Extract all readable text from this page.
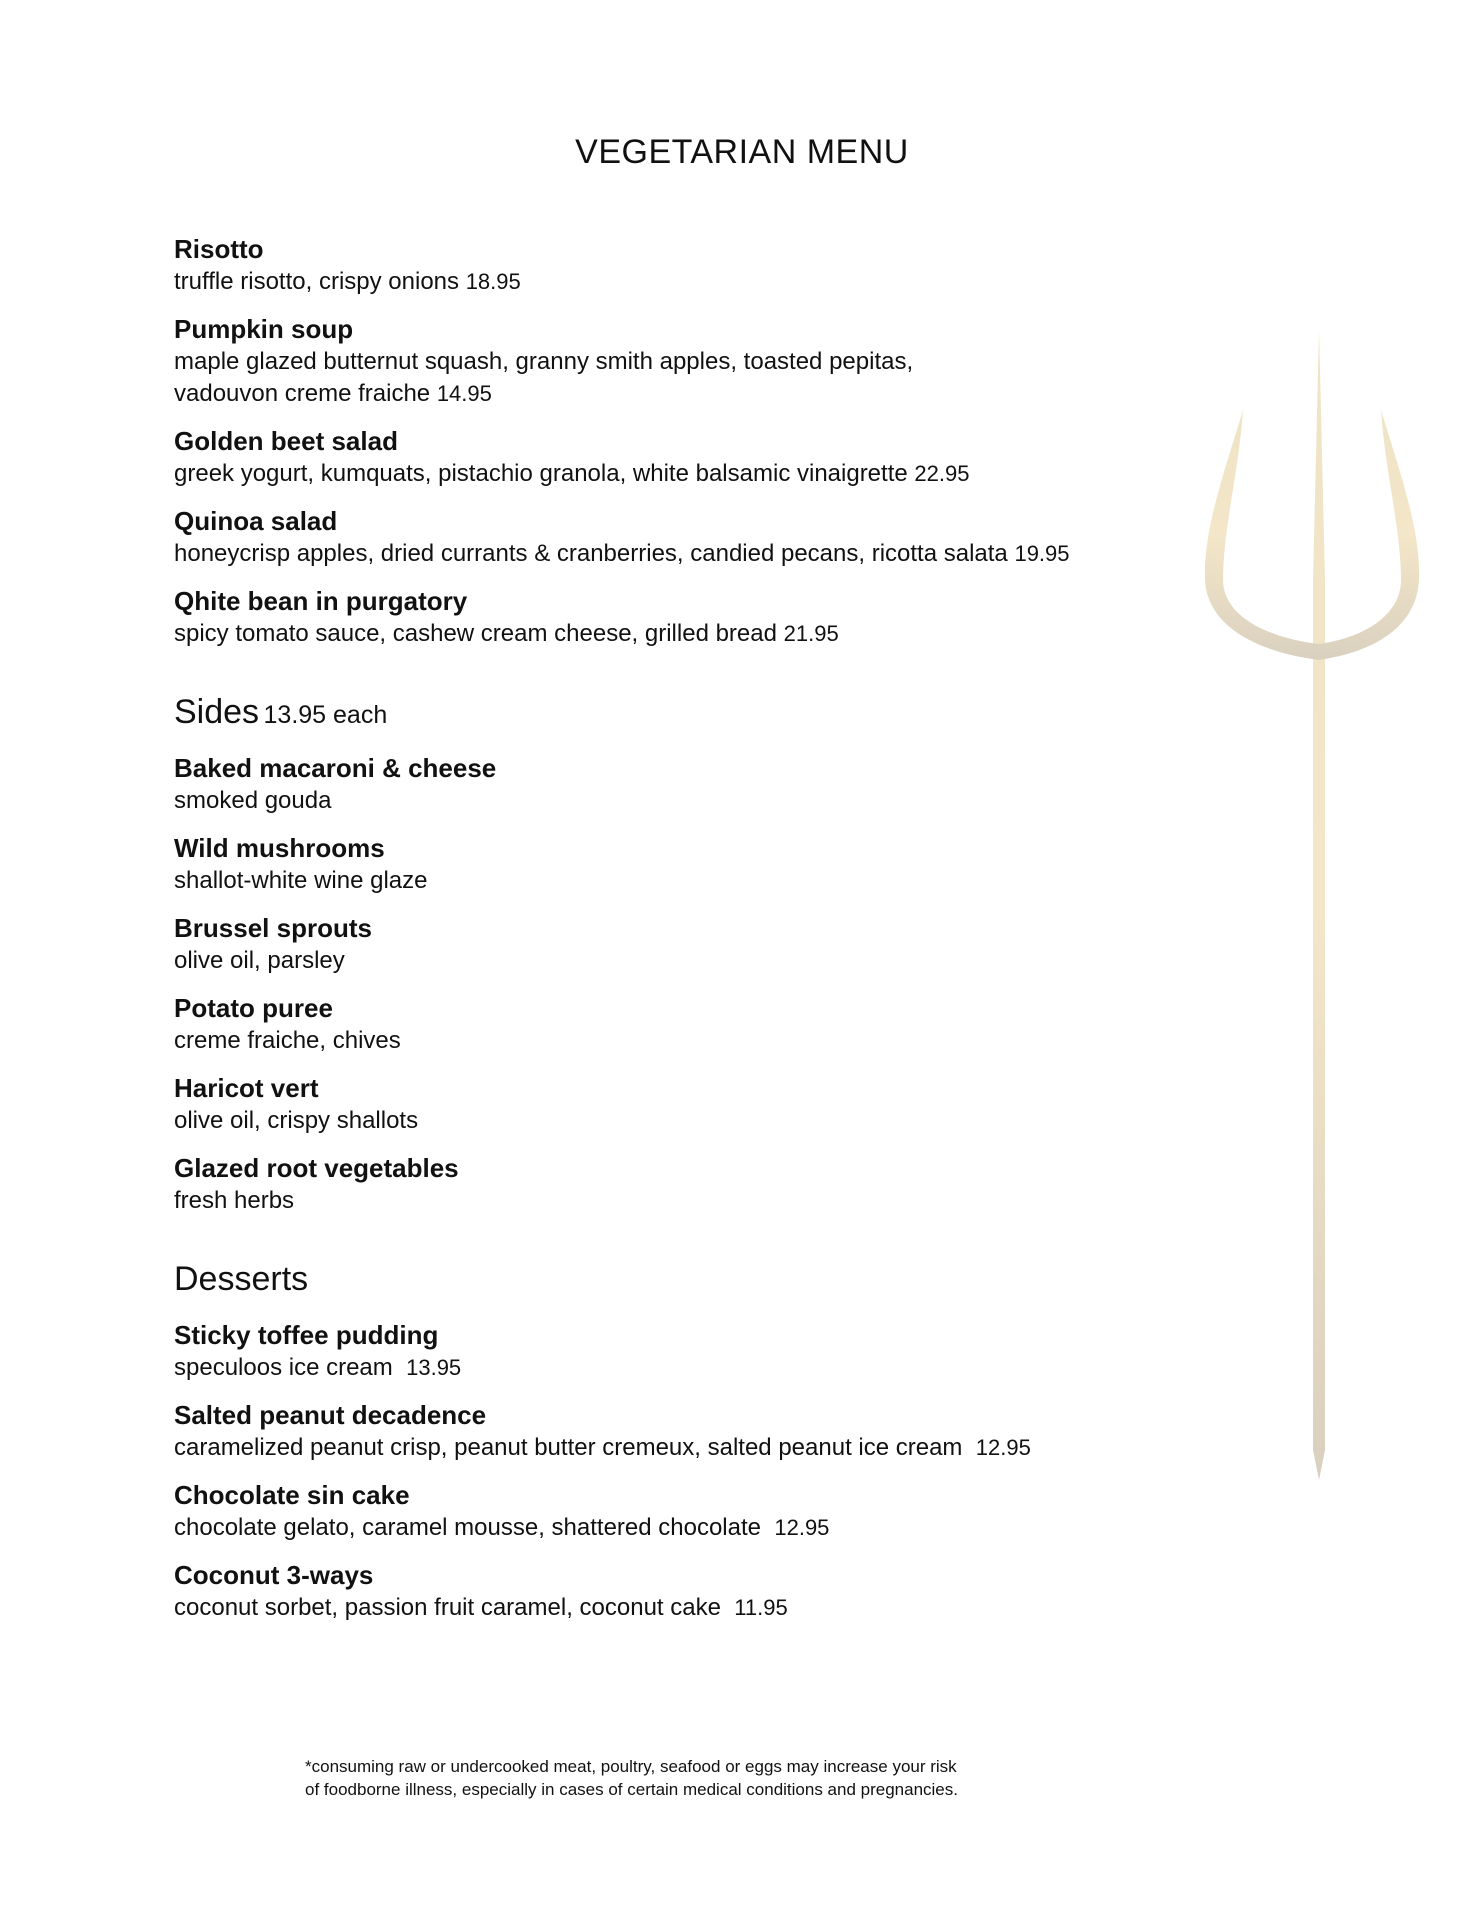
VEGETARIAN MENU
Risotto
truffle risotto, crispy onions 18.95
Pumpkin soup
maple glazed butternut squash, granny smith apples, toasted pepitas,
vadouvon creme fraiche 14.95
Golden beet salad
greek yogurt, kumquats, pistachio granola, white balsamic vinaigrette 22.95
Quinoa salad
honeycrisp apples, dried currants & cranberries, candied pecans, ricotta salata 19.95
Qhite bean in purgatory
spicy tomato sauce, cashew cream cheese, grilled bread 21.95
Sides 13.95 each
Baked macaroni & cheese
smoked gouda
Wild mushrooms
shallot-white wine glaze
Brussel sprouts
olive oil, parsley
Potato puree
creme fraiche, chives
Haricot vert
olive oil, crispy shallots
Glazed root vegetables
fresh herbs
Desserts
Sticky toffee pudding
speculoos ice cream 13.95
Salted peanut decadence
caramelized peanut crisp, peanut butter cremeux, salted peanut ice cream 12.95
Chocolate sin cake
chocolate gelato, caramel mousse, shattered chocolate 12.95
Coconut 3-ways
coconut sorbet, passion fruit caramel, coconut cake 11.95
*consuming raw or undercooked meat, poultry, seafood or eggs may increase your risk
of foodborne illness, especially in cases of certain medical conditions and pregnancies.
